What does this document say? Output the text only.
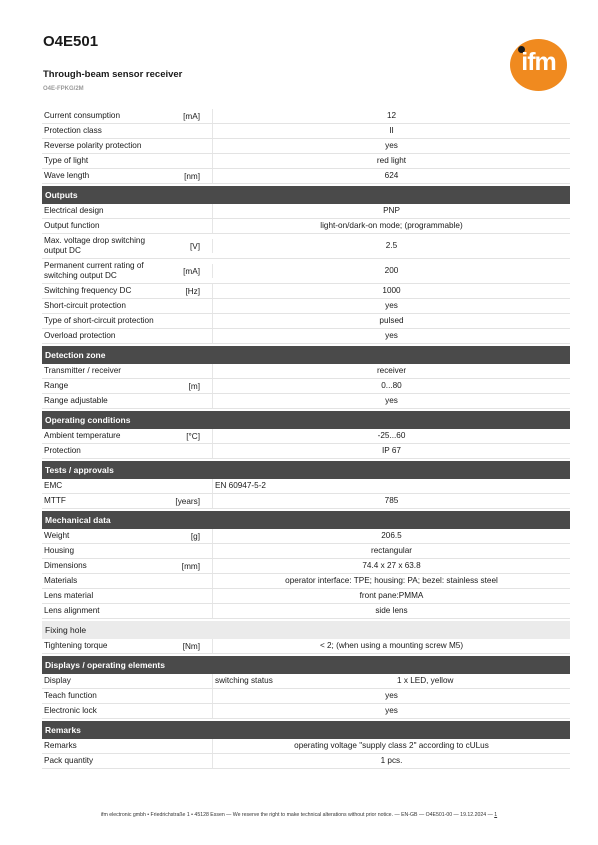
O4E501
Through-beam sensor receiver
O4E-FPKG/2M
ifm
Current consumption	[mA]	12
Protection class	II
Reverse polarity protection	yes
Type of light	red light
Wave length	[nm]	624
Outputs
Electrical design	PNP
Output function	light-on/dark-on mode; (programmable)
Max. voltage drop switching output DC	[V]	2.5
Permanent current rating of switching output DC	[mA]	200
Switching frequency DC	[Hz]	1000
Short-circuit protection	yes
Type of short-circuit protection	pulsed
Overload protection	yes
Detection zone
Transmitter / receiver	receiver
Range	[m]	0...80
Range adjustable	yes
Operating conditions
Ambient temperature	[°C]	-25...60
Protection	IP 67
Tests / approvals
EMC	EN 60947-5-2
MTTF	[years]	785
Mechanical data
Weight	[g]	206.5
Housing	rectangular
Dimensions	[mm]	74.4 x 27 x 63.8
Materials	operator interface: TPE; housing: PA; bezel: stainless steel
Lens material	front pane:PMMA
Lens alignment	side lens
Fixing hole
Tightening torque	[Nm]	< 2; (when using a mounting screw M5)
Displays / operating elements
Display	switching status	1 x LED, yellow
Teach function	yes
Electronic lock	yes
Remarks
Remarks	operating voltage "supply class 2" according to cULus
Pack quantity	1 pcs.
ifm electronic gmbh • Friedrichstraße 1 • 45128 Essen — We reserve the right to make technical alterations without prior notice. — EN-GB — O4E501-00 — 19.12.2024 — 1
